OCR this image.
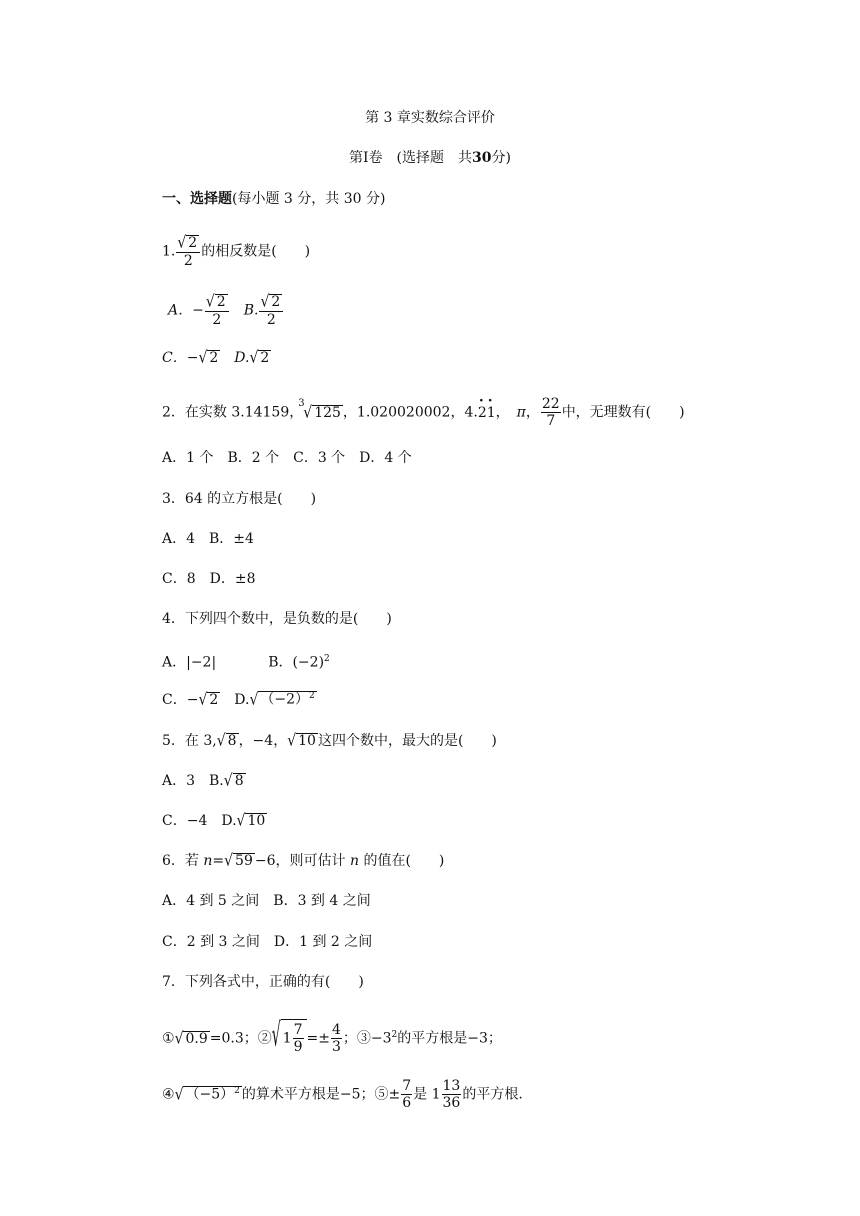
第 3 章实数综合评价
第Ⅰ卷　 (选择题　共30分)
一、选择题(每小题 3 分，共 30 分)
1. $\frac{√ 2}{2}$ 的相反数是(　　)
A．− $\frac{√ 2}{2}$
　 B. $\frac{√ 2}{2}$
C．−√ 2　 D.√ 2
2．在实数 3.14159，
3
√ 125 ，1.020020002，4.· 2· 1，　 π， $\frac{22}{7}$ 中，无理数有(　　)
A．1 个　B．2 个　C．3 个　D．4 个
3．64 的立方根是(　　)
A．4　B．±4
C．8　D．±8
4．下列四个数中，是负数的是(　　)
A．|−2|	B．$(-2)^2$
C．−√ 2　 D.√ $(-2)^2$
5．在 3,√ 8 ，−4，√ 10 这四个数中，最大的是(　　)
A．3　B.√ 8
C．−4　D.√ 10
6．若 n=√ 59 −6，则可估计 n 的值在(　　)
A．4 到 5 之间　B．3 到 4 之间
C．2 到 3 之间　D．1 到 2 之间
7．下列各式中，正确的有(　　)
①√ 0.9 =0.3；②√ $1 \frac{7}{9} =\pm \frac{4}{3}$ ；$③-3^2$的平方根是−3；
④√ $(-5)^2$ 的算术平方根是−5；⑤± $\frac{7}{6}$ 是 $1 \frac{13}{36}$ 的平方根.
